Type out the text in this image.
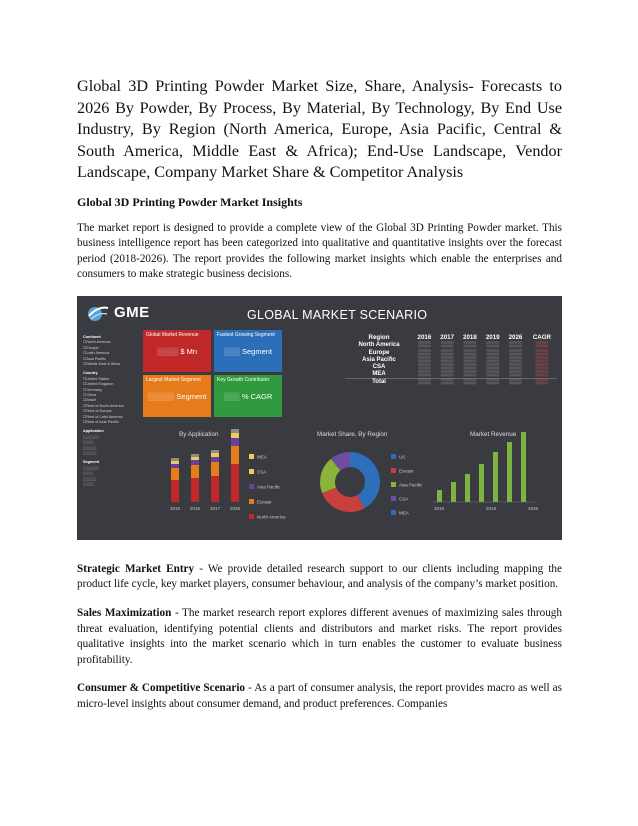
Global 3D Printing Powder Market Size, Share, Analysis- Forecasts to 2026 By Powder, By Process, By Material, By Technology, By End Use Industry, By Region (North America, Europe, Asia Pacific, Central & South America, Middle East & Africa); End-Use Landscape, Vendor Landscape, Company Market Share & Competitor Analysis
Global 3D Printing Powder Market Insights
The market report is designed to provide a complete view of the Global 3D Printing Powder market. This business intelligence report has been categorized into qualitative and quantitative insights over the forecast period (2018-2026). The report provides the following market insights which enable the enterprises and consumers to make strategic business decisions.
GME	GLOBAL MARKET SCENARIO
Continent
☐North America
☐Europe
☐Latin America
☐Asia Pacific
☐Middle East & Africa
Country
☐United States
☐United Kingdom
☐Germany
☐China
☐Brazil
☐Rest of North America
☐Rest of Europe
☐Rest of Latin America
☐Rest of Asia Pacific
Application
▒▒▒▒▒▒
▒▒▒▒
▒▒▒▒▒
▒▒▒▒▒
Segment
▒▒▒▒▒▒
▒▒▒▒
▒▒▒▒▒
▒▒▒▒
Global Market Revenue
▒▒▒▒ $ Mn
Fastest Growing Segment
▒▒▒ Segment
Largest Market Segment
▒▒▒▒▒ Segment
Key Growth Contributor
▒▒▒ % CAGR
Region	2016	2017	2018	2019	2026	CAGR
North America	▒▒▒	▒▒▒	▒▒▒	▒▒▒	▒▒▒	▒▒▒
Europe	▒▒▒	▒▒▒	▒▒▒	▒▒▒	▒▒▒	▒▒▒
Asia Pacific	▒▒▒	▒▒▒	▒▒▒	▒▒▒	▒▒▒	▒▒▒
CSA	▒▒▒	▒▒▒	▒▒▒	▒▒▒	▒▒▒	▒▒▒
MEA	▒▒▒	▒▒▒	▒▒▒	▒▒▒	▒▒▒	▒▒▒
Total	▒▒▒	▒▒▒	▒▒▒	▒▒▒	▒▒▒	▒▒▒
By Application	Market Share, By Region	Market Revenue
2015 2016 2017 2026
MEA
CSA
Asia Pacific
Europe
North America
US
Europe
Asia Pacific
CSA
MEA
2016	2019	2026
Strategic Market Entry - We provide detailed research support to our clients including mapping the product life cycle, key market players, consumer behaviour, and analysis of the company’s market position.
Sales Maximization - The market research report explores different avenues of maximizing sales through threat evaluation, identifying potential clients and distributors and market risks. The report provides qualitative insights into the market scenario which in turn enables the customer to evaluate business profitability.
Consumer & Competitive Scenario - As a part of consumer analysis, the report provides macro as well as micro-level insights about consumer demand, and product preferences. Companies
